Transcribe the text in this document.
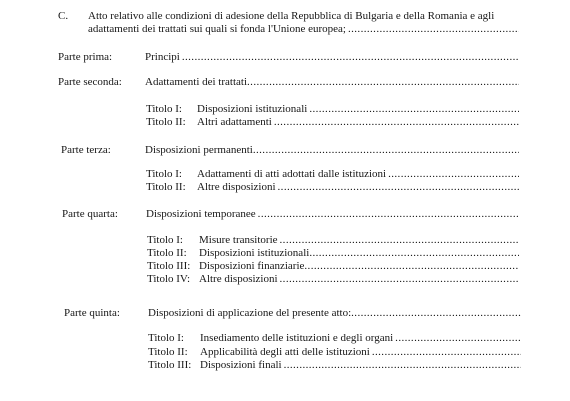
C. Atto relativo alle condizioni di adesione della Repubblica di Bulgaria e della Romania e agli
adattamenti dei trattati sui quali si fonda l'Unione europea;
.....
Parte prima:	Principi
.....
Parte seconda: Adattamenti dei trattati
.....
Titolo I: Disposizioni istituzionali
.....
Titolo II: Altri adattamenti
.....
Parte terza:	Disposizioni permanenti
.....
Titolo I: Adattamenti di atti adottati dalle istituzioni
.....
Titolo II: Altre disposizioni
.....
Parte quarta:	Disposizioni temporanee
.....
Titolo I: Misure transitorie
.....
Titolo II: Disposizioni istituzionali
.....
Titolo III: Disposizioni finanziarie
.....
Titolo IV: Altre disposizioni
.....
Parte quinta:	Disposizioni di applicazione del presente atto:
.....
Titolo I: Insediamento delle istituzioni e degli organi
.....
Titolo II: Applicabilità degli atti delle istituzioni
.....
Titolo III: Disposizioni finali
.....
